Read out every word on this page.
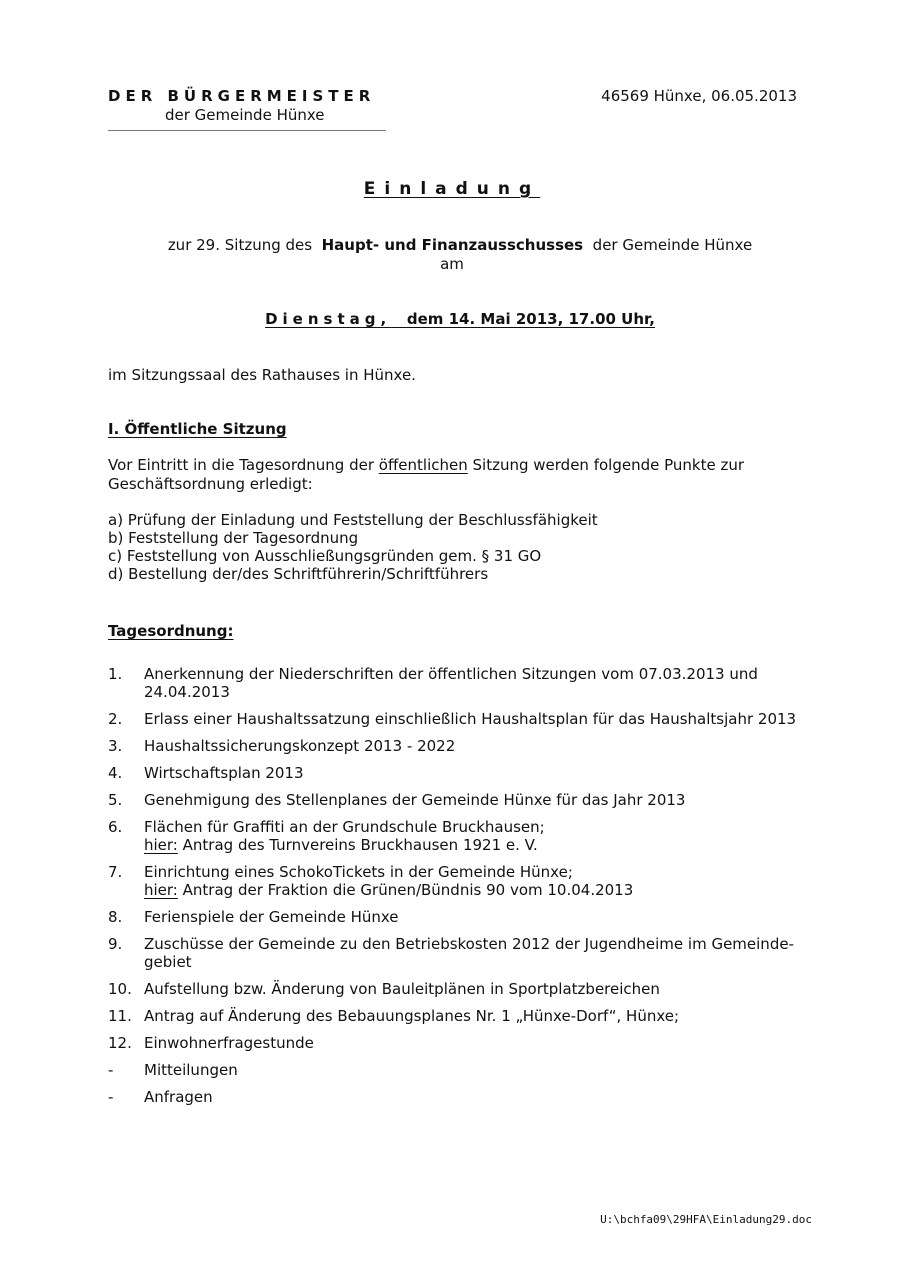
DER BÜRGERMEISTER
der Gemeinde Hünxe
46569 Hünxe, 06.05.2013
Einladung
zur 29. Sitzung des Haupt- und Finanzausschusses der Gemeinde Hünxe
am
Dienstag, dem 14. Mai 2013, 17.00 Uhr,
im Sitzungssaal des Rathauses in Hünxe.
I. Öffentliche Sitzung
Vor Eintritt in die Tagesordnung der öffentlichen Sitzung werden folgende Punkte zur Geschäftsordnung erledigt:
a) Prüfung der Einladung und Feststellung der Beschlussfähigkeit
b) Feststellung der Tagesordnung
c) Feststellung von Ausschließungsgründen gem. § 31 GO
d) Bestellung der/des Schriftführerin/Schriftführers
Tagesordnung:
1.	Anerkennung der Niederschriften der öffentlichen Sitzungen vom 07.03.2013 und 24.04.2013
2.	Erlass einer Haushaltssatzung einschließlich Haushaltsplan für das Haushaltsjahr 2013
3.	Haushaltssicherungskonzept 2013 - 2022
4.	Wirtschaftsplan 2013
5.	Genehmigung des Stellenplanes der Gemeinde Hünxe für das Jahr 2013
6.	Flächen für Graffiti an der Grundschule Bruckhausen;
hier: Antrag des Turnvereins Bruckhausen 1921 e. V.
7.	Einrichtung eines SchokoTickets in der Gemeinde Hünxe;
hier: Antrag der Fraktion die Grünen/Bündnis 90 vom 10.04.2013
8.	Ferienspiele der Gemeinde Hünxe
9.	Zuschüsse der Gemeinde zu den Betriebskosten 2012 der Jugendheime im Gemeinde-gebiet
10. Aufstellung bzw. Änderung von Bauleitplänen in Sportplatzbereichen
11. Antrag auf Änderung des Bebauungsplanes Nr. 1 „Hünxe-Dorf“, Hünxe;
12. Einwohnerfragestunde
-	Mitteilungen
-	Anfragen
U:\bchfa09\29HFA\Einladung29.doc
